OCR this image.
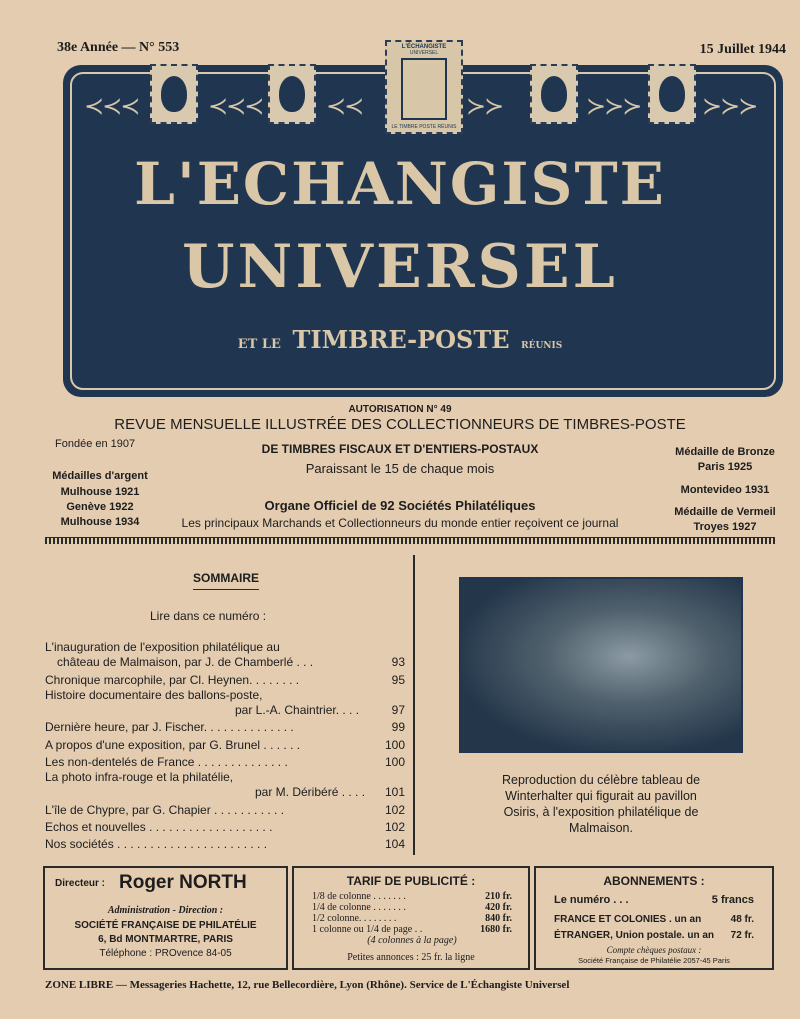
38e Année — N° 553	15 Juillet 1944
≺≺≺	≺≺≺	≺≺
L'ÉCHANGISTE
UNIVERSEL
LE TIMBRE POSTE RÉUNIS
≻≻	≻≻≻	≻≻≻
L'ECHANGISTE
UNIVERSEL
ET LE TIMBRE-POSTE RÉUNIS
AUTORISATION N° 49
REVUE MENSUELLE ILLUSTRÉE DES COLLECTIONNEURS DE TIMBRES-POSTE
DE TIMBRES FISCAUX ET D'ENTIERS-POSTAUX
Paraissant le 15 de chaque mois
Organe Officiel de 92 Sociétés Philatéliques
Les principaux Marchands et Collectionneurs du monde entier reçoivent ce journal
Fondée en 1907
Médailles d'argent
Mulhouse 1921
Genève 1922
Mulhouse 1934
Médaille de Bronze
Paris 1925
Montevideo 1931
Médaille de Vermeil
Troyes 1927
SOMMAIRE
Lire dans ce numéro :
L'inauguration de l'exposition philatélique au
château de Malmaison, par J. de Chamberlé . . .	93
Chronique marcophile, par Cl. Heynen. . . . . . . .	95
Histoire documentaire des ballons-poste,
par L.-A. Chaintrier. . . .	97
Dernière heure, par J. Fischer. . . . . . . . . . . . . .	99
A propos d'une exposition, par G. Brunel . . . . . .	100
Les non-dentelés de France . . . . . . . . . . . . . .	100
La photo infra-rouge et la philatélie,
par M. Déribéré . . . . 101
L'île de Chypre, par G. Chapier . . . . . . . . . . .	102
Echos et nouvelles . . . . . . . . . . . . . . . . . . .	102
Nos sociétés . . . . . . . . . . . . . . . . . . . . . . .	104
Reproduction du célèbre tableau de
Winterhalter qui figurait au pavillon
Osiris, à l'exposition philatélique de
Malmaison.
Directeur : Roger NORTH
Administration - Direction :
SOCIÉTÉ FRANÇAISE DE PHILATÉLIE
6, Bd MONTMARTRE, PARIS
Téléphone : PROvence 84-05
TARIF DE PUBLICITÉ :
1/8 de colonne . . . . . . .	210 fr.
1/4 de colonne . . . . . . .	420 fr.
1/2 colonne. . . . . . . .	840 fr.
1 colonne ou 1/4 de page . .	1680 fr.
(4 colonnes à la page)
Petites annonces : 25 fr. la ligne
ABONNEMENTS :
Le numéro . . .	5 francs
FRANCE ET COLONIES . un an	48 fr.
ÉTRANGER, Union postale. un an 72 fr.
Compte chèques postaux :
Société Française de Philatélie 2057-45 Paris
ZONE LIBRE — Messageries Hachette, 12, rue Bellecordière, Lyon (Rhône). Service de L'Échangiste Universel
